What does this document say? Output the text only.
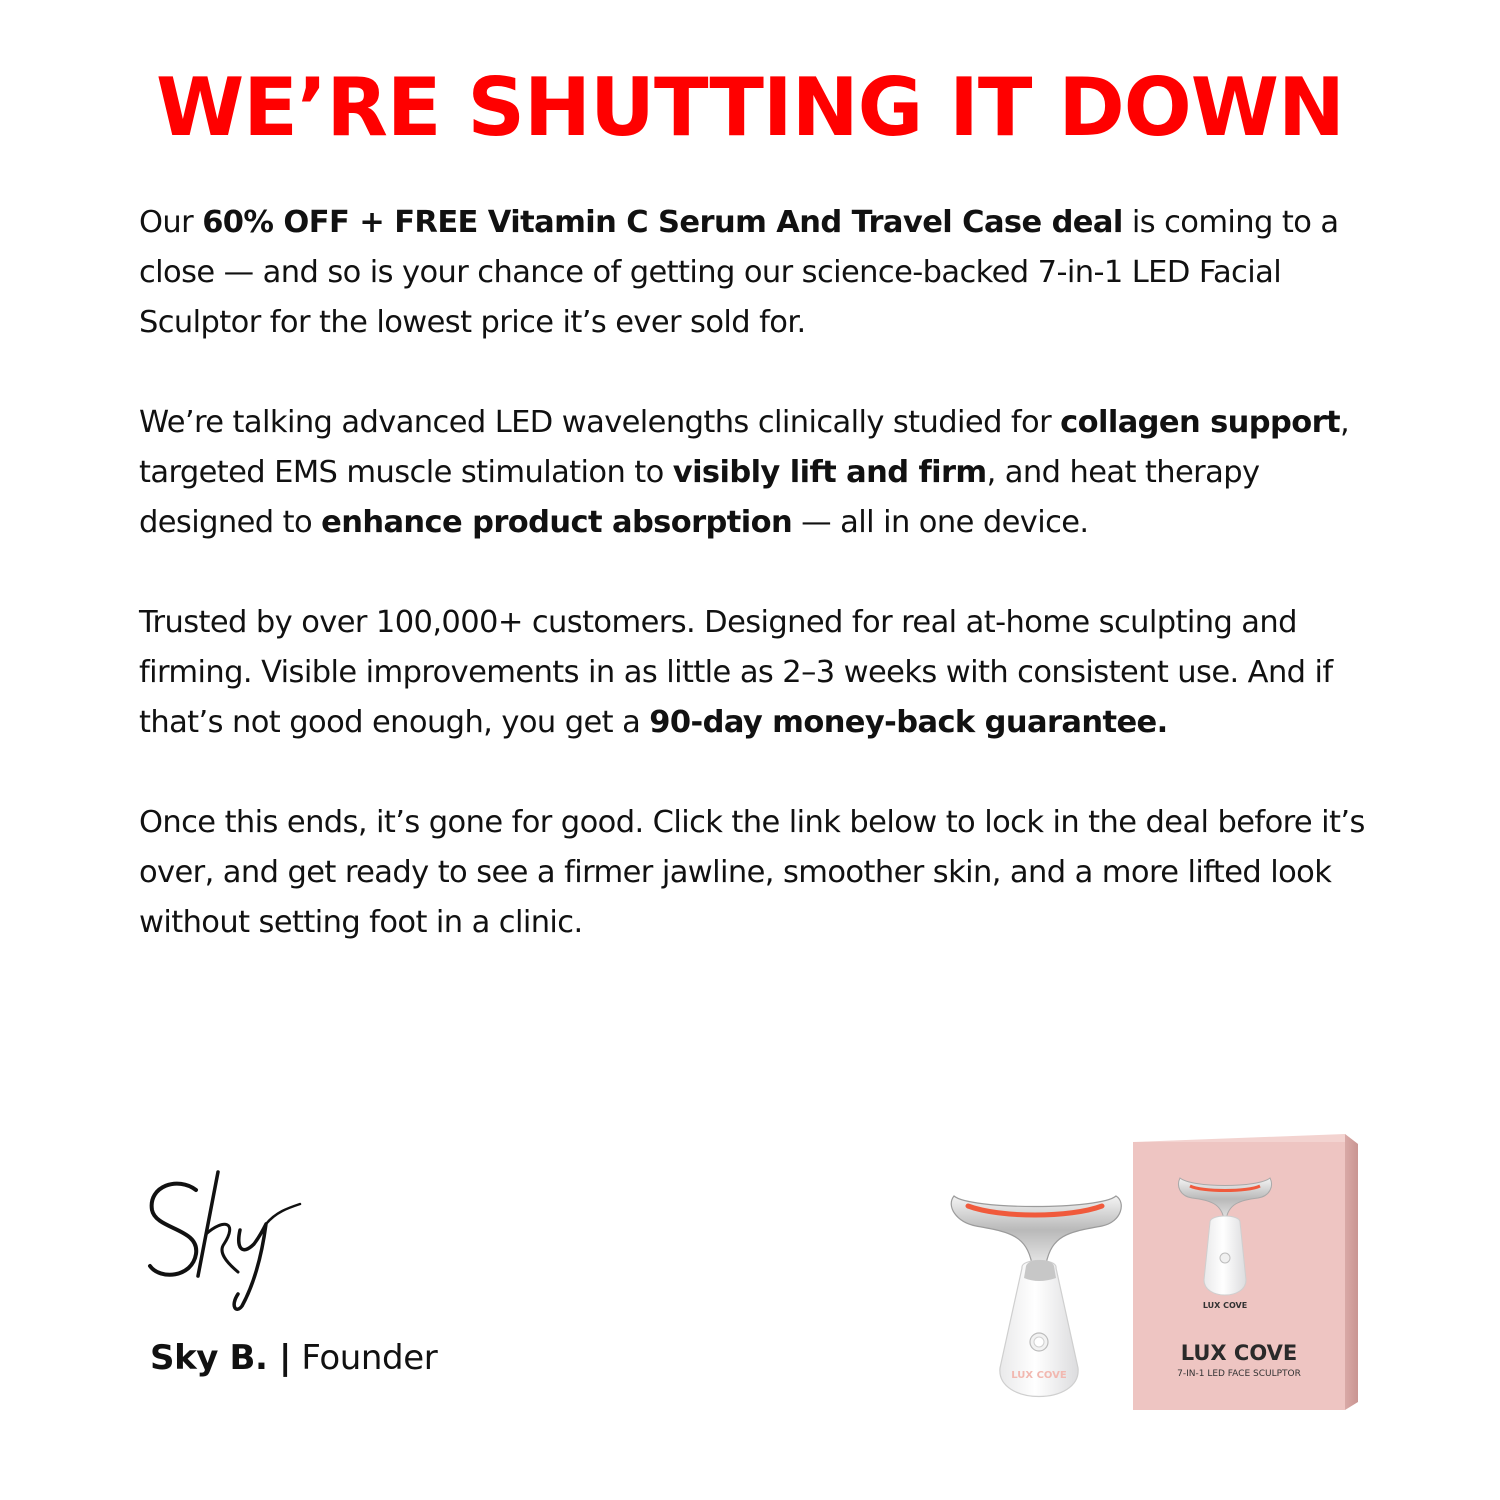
WE’RE SHUTTING IT DOWN

Our 60% OFF + FREE Vitamin C Serum And Travel Case deal is coming to a close — and so is your chance of getting our science-backed 7-in-1 LED Facial Sculptor for the lowest price it’s ever sold for.

We’re talking advanced LED wavelengths clinically studied for collagen support, targeted EMS muscle stimulation to visibly lift and firm, and heat therapy designed to enhance product absorption — all in one device.

Trusted by over 100,000+ customers. Designed for real at-home sculpting and firming. Visible improvements in as little as 2–3 weeks with consistent use. And if that’s not good enough, you get a 90-day money-back guarantee.

Once this ends, it’s gone for good. Click the link below to lock in the deal before it’s over, and get ready to see a firmer jawline, smoother skin, and a more lifted look without setting foot in a clinic.

Sky B. | Founder
LUX COVE
LUX COVE
7-IN-1 LED FACE SCULPTOR
LUX COVE
